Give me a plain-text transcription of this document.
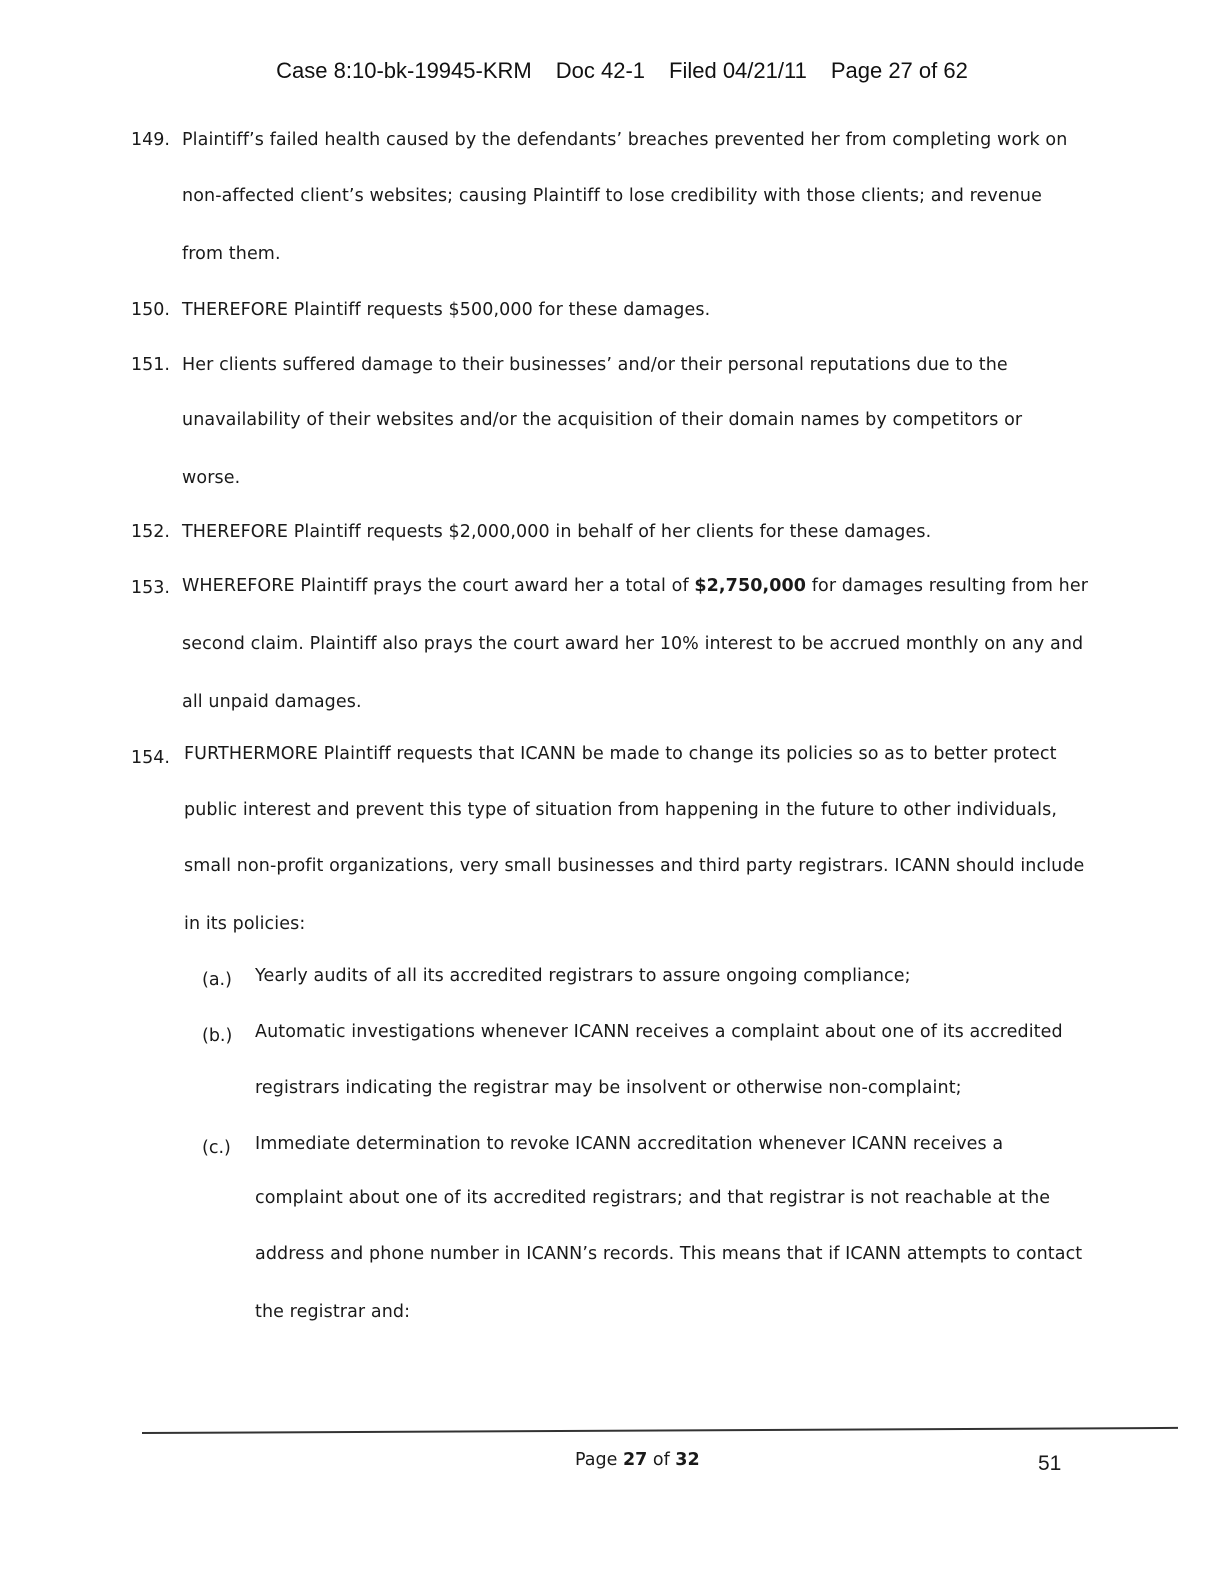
Case 8:10-bk-19945-KRM Doc 42-1 Filed 04/21/11 Page 27 of 62
149. Plaintiff’s failed health caused by the defendants’ breaches prevented her from completing work on
non-affected client’s websites; causing Plaintiff to lose credibility with those clients; and revenue
from them.
150. THEREFORE Plaintiff requests $500,000 for these damages.
151. Her clients suffered damage to their businesses’ and/or their personal reputations due to the
unavailability of their websites and/or the acquisition of their domain names by competitors or
worse.
152. THEREFORE Plaintiff requests $2,000,000 in behalf of her clients for these damages.
153. WHEREFORE Plaintiff prays the court award her a total of $2,750,000 for damages resulting from her
second claim. Plaintiff also prays the court award her 10% interest to be accrued monthly on any and
all unpaid damages.
154. FURTHERMORE Plaintiff requests that ICANN be made to change its policies so as to better protect
public interest and prevent this type of situation from happening in the future to other individuals,
small non-profit organizations, very small businesses and third party registrars. ICANN should include
in its policies:
(a.) Yearly audits of all its accredited registrars to assure ongoing compliance;
(b.) Automatic investigations whenever ICANN receives a complaint about one of its accredited
registrars indicating the registrar may be insolvent or otherwise non-complaint;
(c.) Immediate determination to revoke ICANN accreditation whenever ICANN receives a
complaint about one of its accredited registrars; and that registrar is not reachable at the
address and phone number in ICANN’s records. This means that if ICANN attempts to contact
the registrar and:
Page 27 of 32	51
